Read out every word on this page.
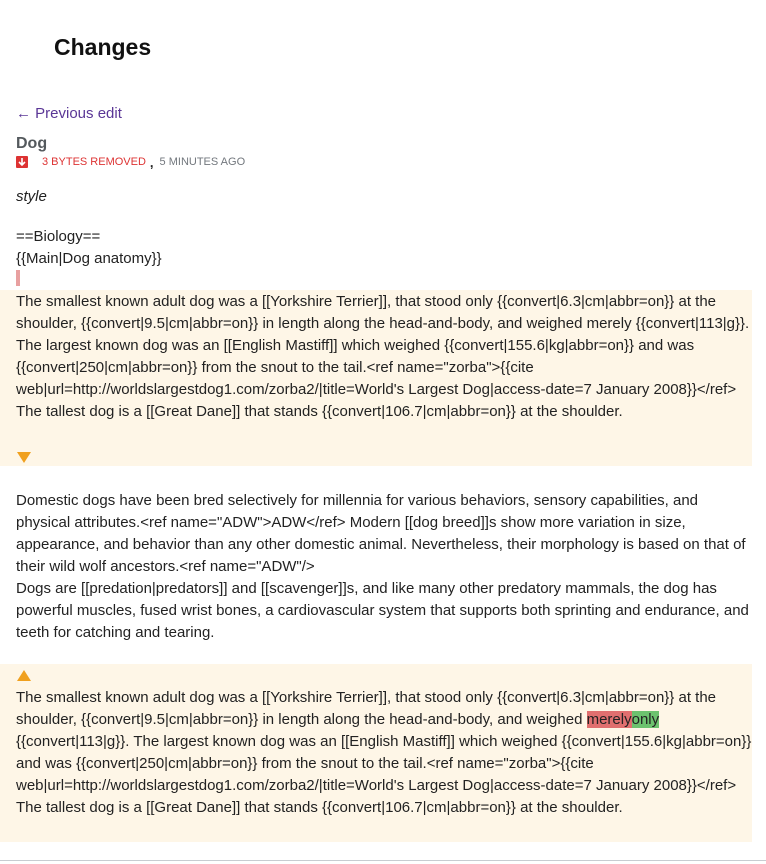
Changes
← Previous edit
Dog
3 BYTES REMOVED , 5 MINUTES AGO
style
==Biology==
{{Main|Dog anatomy}}
The smallest known adult dog was a [[Yorkshire Terrier]], that stood only {{convert|6.3|cm|abbr=on}} at the shoulder, {{convert|9.5|cm|abbr=on}} in length along the head-and-body, and weighed merely {{convert|113|g}}. The largest known dog was an [[English Mastiff]] which weighed {{convert|155.6|kg|abbr=on}} and was {{convert|250|cm|abbr=on}} from the snout to the tail.<ref name="zorba">{{cite web|url=http://worldslargestdog1.com/zorba2/|title=World's Largest Dog|access-date=7 January 2008}}</ref> The tallest dog is a [[Great Dane]] that stands {{convert|106.7|cm|abbr=on}} at the shoulder.
Domestic dogs have been bred selectively for millennia for various behaviors, sensory capabilities, and physical attributes.<ref name="ADW">ADW</ref> Modern [[dog breed]]s show more variation in size, appearance, and behavior than any other domestic animal. Nevertheless, their morphology is based on that of their wild wolf ancestors.<ref name="ADW"/>
Dogs are [[predation|predators]] and [[scavenger]]s, and like many other predatory mammals, the dog has powerful muscles, fused wrist bones, a cardiovascular system that supports both sprinting and endurance, and teeth for catching and tearing.
The smallest known adult dog was a [[Yorkshire Terrier]], that stood only {{convert|6.3|cm|abbr=on}} at the shoulder, {{convert|9.5|cm|abbr=on}} in length along the head-and-body, and weighed merelyonly {{convert|113|g}}. The largest known dog was an [[English Mastiff]] which weighed {{convert|155.6|kg|abbr=on}} and was {{convert|250|cm|abbr=on}} from the snout to the tail.<ref name="zorba">{{cite web|url=http://worldslargestdog1.com/zorba2/|title=World's Largest Dog|access-date=7 January 2008}}</ref> The tallest dog is a [[Great Dane]] that stands {{convert|106.7|cm|abbr=on}} at the shoulder.
